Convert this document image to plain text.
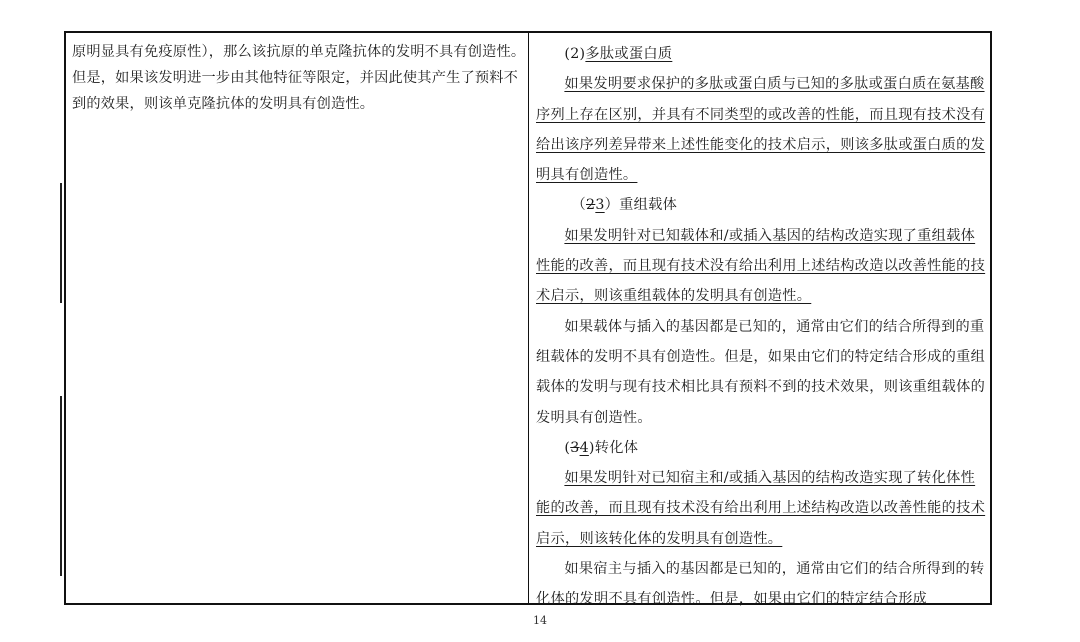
原明显具有免疫原性），那么该抗原的单克隆抗体的发明不具有创造性。但是，如果该发明进一步由其他特征等限定，并因此使其产生了预料不到的效果，则该单克隆抗体的发明具有创造性。

(2)多肽或蛋白质

如果发明要求保护的多肽或蛋白质与已知的多肽或蛋白质在氨基酸序列上存在区别，并具有不同类型的或改善的性能，而且现有技术没有给出该序列差异带来上述性能变化的技术启示，则该多肽或蛋白质的发明具有创造性。

（23）重组载体

如果发明针对已知载体和/或插入基因的结构改造实现了重组载体性能的改善，而且现有技术没有给出利用上述结构改造以改善性能的技术启示，则该重组载体的发明具有创造性。

如果载体与插入的基因都是已知的，通常由它们的结合所得到的重组载体的发明不具有创造性。但是，如果由它们的特定结合形成的重组载体的发明与现有技术相比具有预料不到的技术效果，则该重组载体的发明具有创造性。

(34)转化体

如果发明针对已知宿主和/或插入基因的结构改造实现了转化体性能的改善，而且现有技术没有给出利用上述结构改造以改善性能的技术启示，则该转化体的发明具有创造性。

如果宿主与插入的基因都是已知的，通常由它们的结合所得到的转化体的发明不具有创造性。但是，如果由它们的特定结合形成

14
